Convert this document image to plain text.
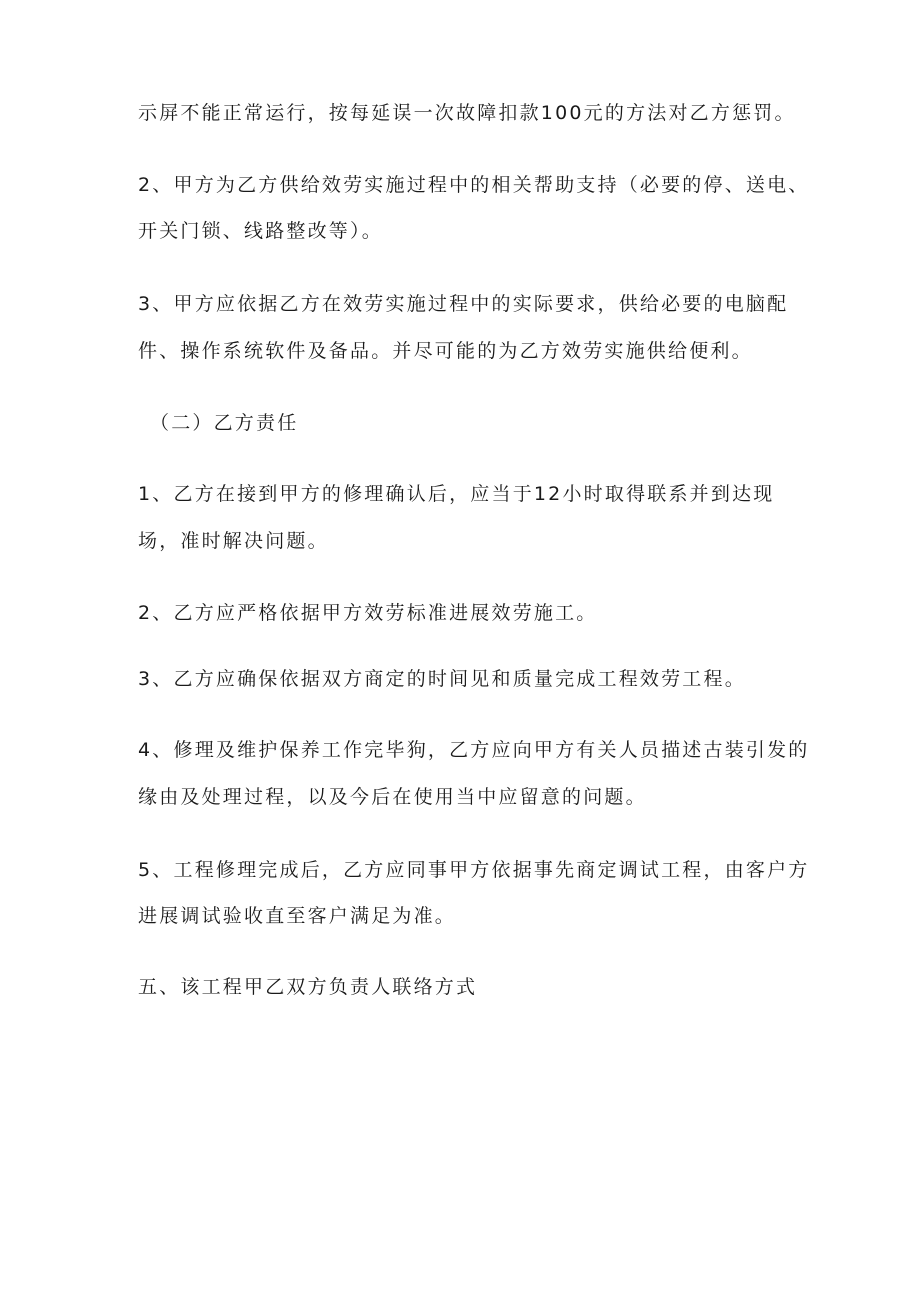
示屏不能正常运行，按每延误一次故障扣款100元的方法对乙方惩罚。
2、甲方为乙方供给效劳实施过程中的相关帮助支持（必要的停、送电、
开关门锁、线路整改等）。
3、甲方应依据乙方在效劳实施过程中的实际要求，供给必要的电脑配
件、操作系统软件及备品。并尽可能的为乙方效劳实施供给便利。
（二）乙方责任
1、乙方在接到甲方的修理确认后，应当于12小时取得联系并到达现
场，准时解决问题。
2、乙方应严格依据甲方效劳标准进展效劳施工。
3、乙方应确保依据双方商定的时间见和质量完成工程效劳工程。
4、修理及维护保养工作完毕狗，乙方应向甲方有关人员描述古装引发的
缘由及处理过程，以及今后在使用当中应留意的问题。
5、工程修理完成后，乙方应同事甲方依据事先商定调试工程，由客户方
进展调试验收直至客户满足为准。
五、该工程甲乙双方负责人联络方式
